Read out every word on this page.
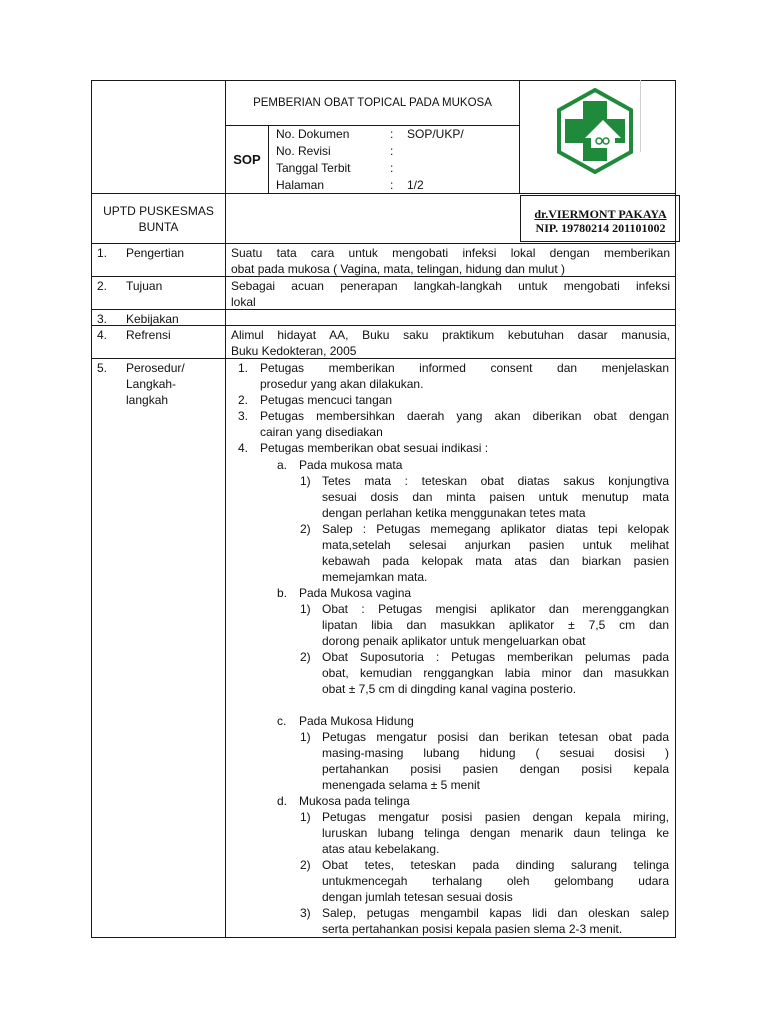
PEMBERIAN OBAT TOPICAL PADA MUKOSA
SOP
No. Dokumen	: SOP/UKP/
No. Revisi	:
Tanggal Terbit	:
Halaman	: 1/2
UPTD PUSKESMAS
BUNTA
dr.VIERMONT PAKAYA
NIP. 19780214 201101002
1. Pengertian	Suatu tata cara untuk mengobati infeksi lokal dengan memberikan
obat pada mukosa ( Vagina, mata, telingan, hidung dan mulut )
2. Tujuan	Sebagai acuan penerapan langkah-langkah untuk mengobati infeksi
lokal
3. Kebijakan
4. Refrensi	Alimul hidayat AA, Buku saku praktikum kebutuhan dasar manusia,
Buku Kedokteran, 2005
5. Perosedur/
Langkah-
langkah
1. Petugas memberikan informed consent dan menjelaskan
prosedur yang akan dilakukan.
2. Petugas mencuci tangan
3. Petugas membersihkan daerah yang akan diberikan obat dengan
cairan yang disediakan
4. Petugas memberikan obat sesuai indikasi :
a. Pada mukosa mata
1) Tetes mata : teteskan obat diatas sakus konjungtiva
sesuai dosis dan minta paisen untuk menutup mata
dengan perlahan ketika menggunakan tetes mata
2) Salep : Petugas memegang aplikator diatas tepi kelopak
mata,setelah selesai anjurkan pasien untuk melihat
kebawah pada kelopak mata atas dan biarkan pasien
memejamkan mata.
b. Pada Mukosa vagina
1) Obat : Petugas mengisi aplikator dan merenggangkan
lipatan libia dan masukkan aplikator ± 7,5 cm dan
dorong penaik aplikator untuk mengeluarkan obat
2) Obat Suposutoria : Petugas memberikan pelumas pada
obat, kemudian renggangkan labia minor dan masukkan
obat ± 7,5 cm di dingding kanal vagina posterio.
c. Pada Mukosa Hidung
1) Petugas mengatur posisi dan berikan tetesan obat pada
masing-masing lubang hidung ( sesuai dosisi )
pertahankan posisi pasien dengan posisi kepala
menengada selama ± 5 menit
d. Mukosa pada telinga
1) Petugas mengatur posisi pasien dengan kepala miring,
luruskan lubang telinga dengan menarik daun telinga ke
atas atau kebelakang.
2) Obat tetes, teteskan pada dinding salurang telinga
untukmencegah terhalang oleh gelombang udara
dengan jumlah tetesan sesuai dosis
3) Salep, petugas mengambil kapas lidi dan oleskan salep
serta pertahankan posisi kepala pasien slema 2-3 menit.
